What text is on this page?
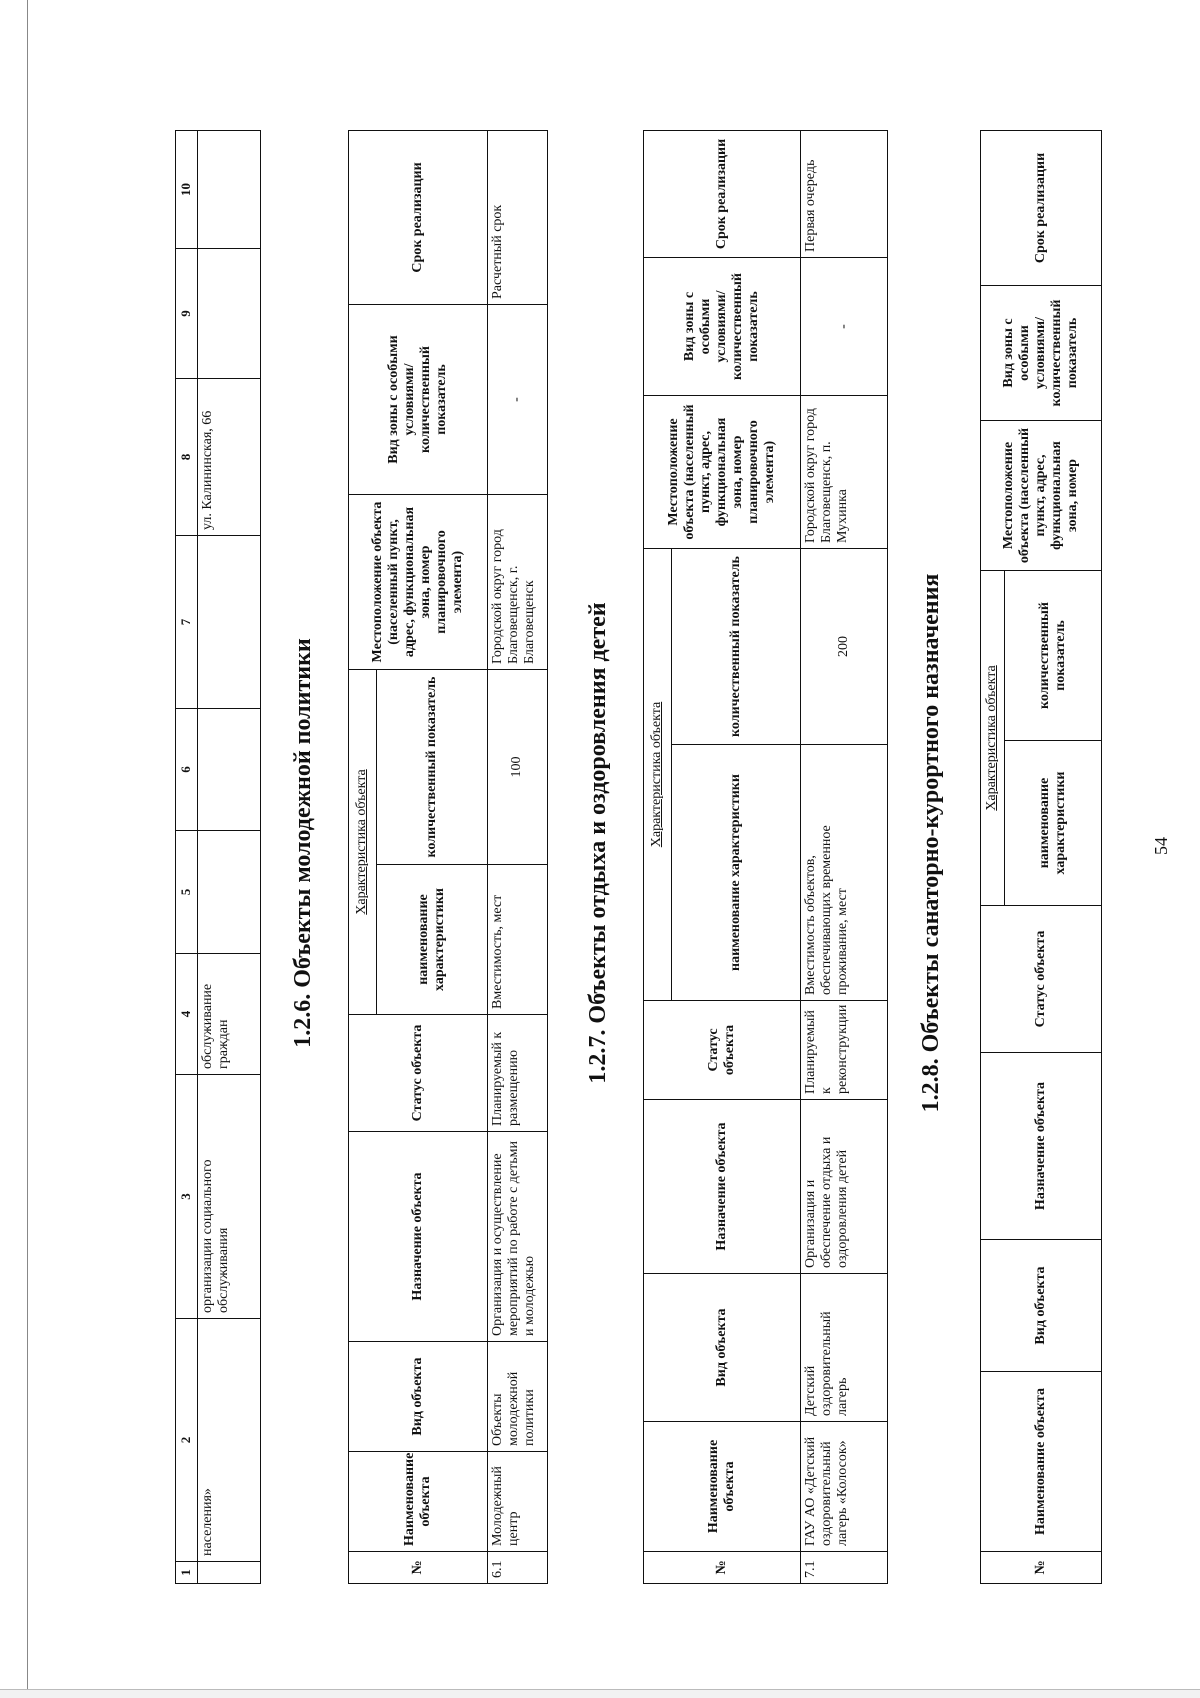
54
1	2	3	4	5	6	7	8	9	10
	населения»	организации социального обслуживания	обслуживание граждан				ул. Калининская, 66		
1.2.6. Объекты молодежной политики
№	Наименование объекта	Вид объекта	Назначение объекта	Статус объекта	Характеристика объекта		Местоположение объекта (населенный пункт, адрес, функциональная зона, номер планировочного элемента)	Вид зоны с особыми условиями/ количественный показатель	Срок реализации
					наименование характеристики	количественный показатель			
6.1	Молодежный центр	Объекты молодежной политики	Организация и осуществление мероприятий по работе с детьми и молодежью	Планируемый к размещению	Вместимость, мест	100	Городской округ город Благовещенск, г. Благовещенск	-	Расчетный срок
1.2.7. Объекты отдыха и оздоровления детей
№	Наименование объекта	Вид объекта	Назначение объекта	Статус объекта	Характеристика объекта		Местоположение объекта (населенный пункт, адрес, функциональная зона, номер планировочного элемента)	Вид зоны с особыми условиями/ количественный показатель	Срок реализации
					наименование характеристики	количественный показатель			
7.1	ГАУ АО «Детский оздоровительный лагерь «Колосок»	Детский оздоровительный лагерь	Организация и обеспечение отдыха и оздоровления детей	Планируемый к реконструкции	Вместимость объектов, обеспечивающих временное проживание, мест	200	Городской округ город Благовещенск, п. Мухинка	-	Первая очередь
1.2.8. Объекты санаторно-курортного назначения
№	Наименование объекта	Вид объекта	Назначение объекта	Статус объекта	Характеристика объекта		Местоположение объекта (населенный пункт, адрес, функциональная зона, номер	Вид зоны с особыми условиями/ количественный показатель	Срок реализации
					наименование характеристики	количественный показатель			
